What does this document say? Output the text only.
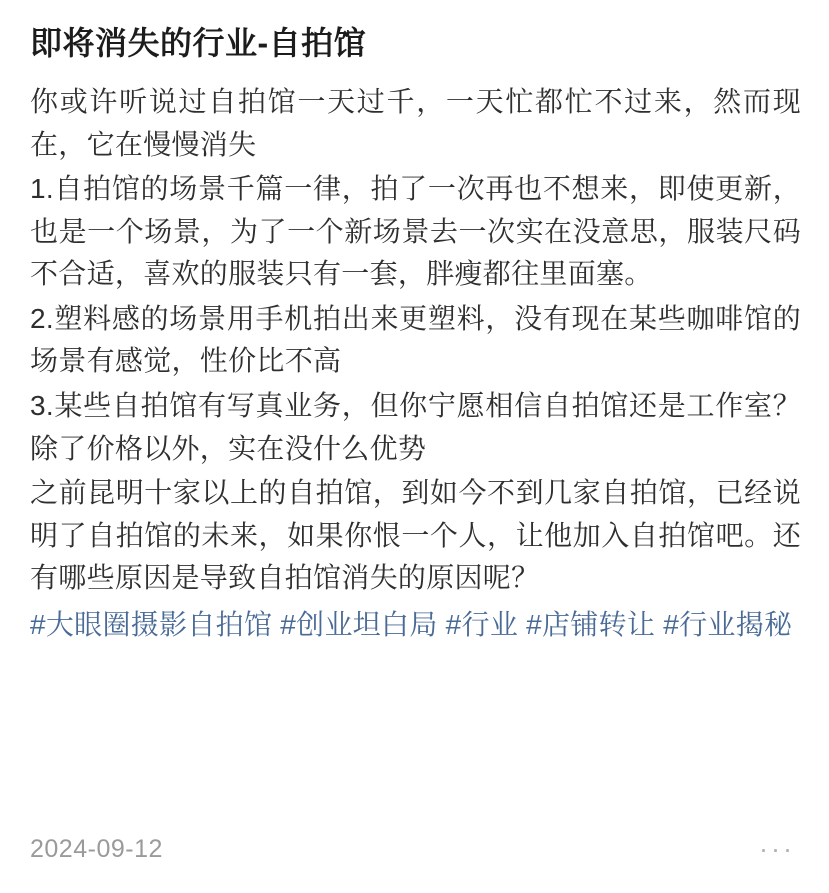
即将消失的行业-自拍馆

你或许听说过自拍馆一天过千，一天忙都忙不过来，然而现在，它在慢慢消失

1.自拍馆的场景千篇一律，拍了一次再也不想来，即使更新，也是一个场景，为了一个新场景去一次实在没意思，服装尺码不合适，喜欢的服装只有一套，胖瘦都往里面塞。

2.塑料感的场景用手机拍出来更塑料，没有现在某些咖啡馆的场景有感觉，性价比不高

3.某些自拍馆有写真业务，但你宁愿相信自拍馆还是工作室？除了价格以外，实在没什么优势

之前昆明十家以上的自拍馆，到如今不到几家自拍馆，已经说明了自拍馆的未来，如果你恨一个人，让他加入自拍馆吧。还有哪些原因是导致自拍馆消失的原因呢？

#大眼圈摄影自拍馆 #创业坦白局 #行业 #店铺转让 #行业揭秘
2024-09-12	···
